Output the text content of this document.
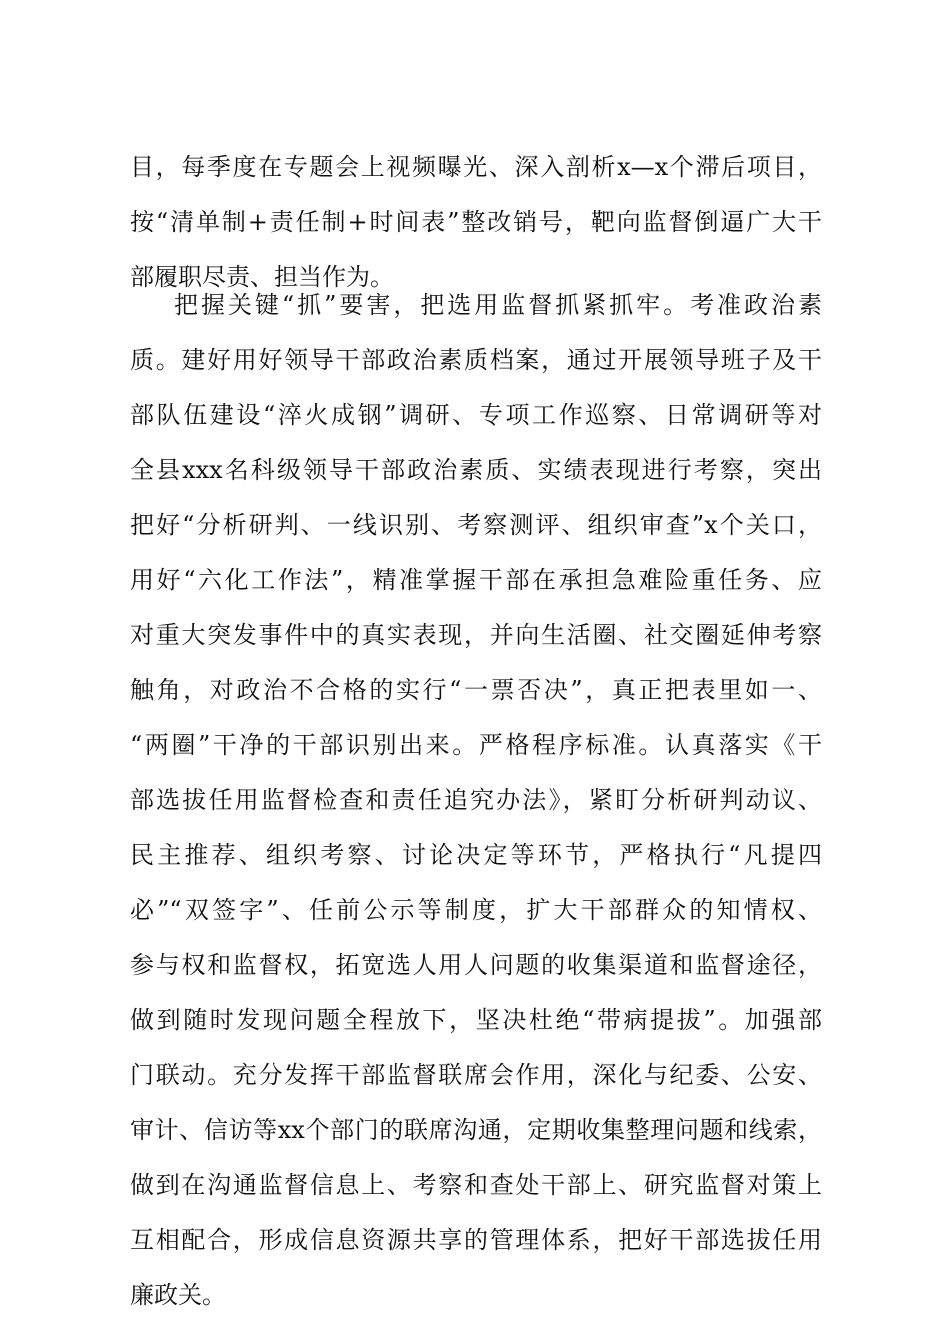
目，每季度在专题会上视频曝光、深入剖析x—x个滞后项目，
按“清单制+责任制+时间表”整改销号，靶向监督倒逼广大干
部履职尽责、担当作为。
把握关键“抓”要害，把选用监督抓紧抓牢。考准政治素
质。建好用好领导干部政治素质档案，通过开展领导班子及干
部队伍建设“淬火成钢”调研、专项工作巡察、日常调研等对
全县xxx名科级领导干部政治素质、实绩表现进行考察，突出
把好“分析研判、一线识别、考察测评、组织审查”x个关口，
用好“六化工作法”，精准掌握干部在承担急难险重任务、应
对重大突发事件中的真实表现，并向生活圈、社交圈延伸考察
触角，对政治不合格的实行“一票否决”，真正把表里如一、
“两圈”干净的干部识别出来。严格程序标准。认真落实《干
部选拔任用监督检查和责任追究办法》，紧盯分析研判动议、
民主推荐、组织考察、讨论决定等环节，严格执行“凡提四
必”“双签字”、任前公示等制度，扩大干部群众的知情权、
参与权和监督权，拓宽选人用人问题的收集渠道和监督途径，
做到随时发现问题全程放下，坚决杜绝“带病提拔”。加强部
门联动。充分发挥干部监督联席会作用，深化与纪委、公安、
审计、信访等xx个部门的联席沟通，定期收集整理问题和线索，
做到在沟通监督信息上、考察和查处干部上、研究监督对策上
互相配合，形成信息资源共享的管理体系，把好干部选拔任用
廉政关。
